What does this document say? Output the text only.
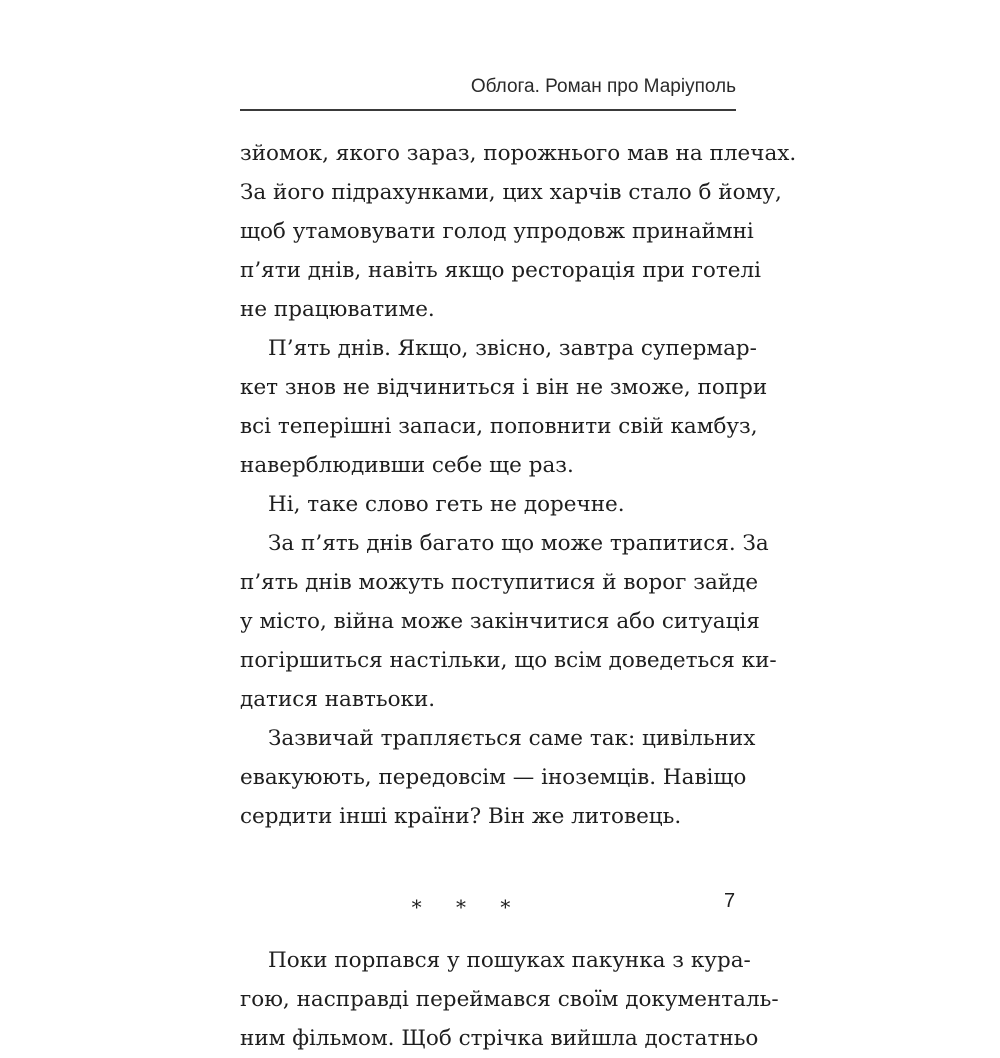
Облога. Роман про Маріуполь
зйомок, якого зараз, порожнього мав на плечах.
За його підрахунками, цих харчів стало б йому,
щоб утамовувати голод упродовж принаймні
п’яти днів, навіть якщо ресторація при готелі
не працюватиме.
П’ять днів. Якщо, звісно, завтра супермар-
кет знов не відчиниться і він не зможе, попри
всі теперішні запаси, поповнити свій камбуз,
наверблюдивши себе ще раз.
Ні, таке слово геть не доречне.
За п’ять днів багато що може трапитися. За
п’ять днів можуть поступитися й ворог зайде
у місто, війна може закінчитися або ситуація
погіршиться настільки, що всім доведеться ки-
датися навтьоки.
Зазвичай трапляється саме так: цивільних
евакуюють, передовсім — іноземців. Навіщо
сердити інші країни? Він же литовець.
* * *
Поки порпався у пошуках пакунка з кура-
гою, насправді переймався своїм документаль-
ним фільмом. Щоб стрічка вийшла достатньо
7
